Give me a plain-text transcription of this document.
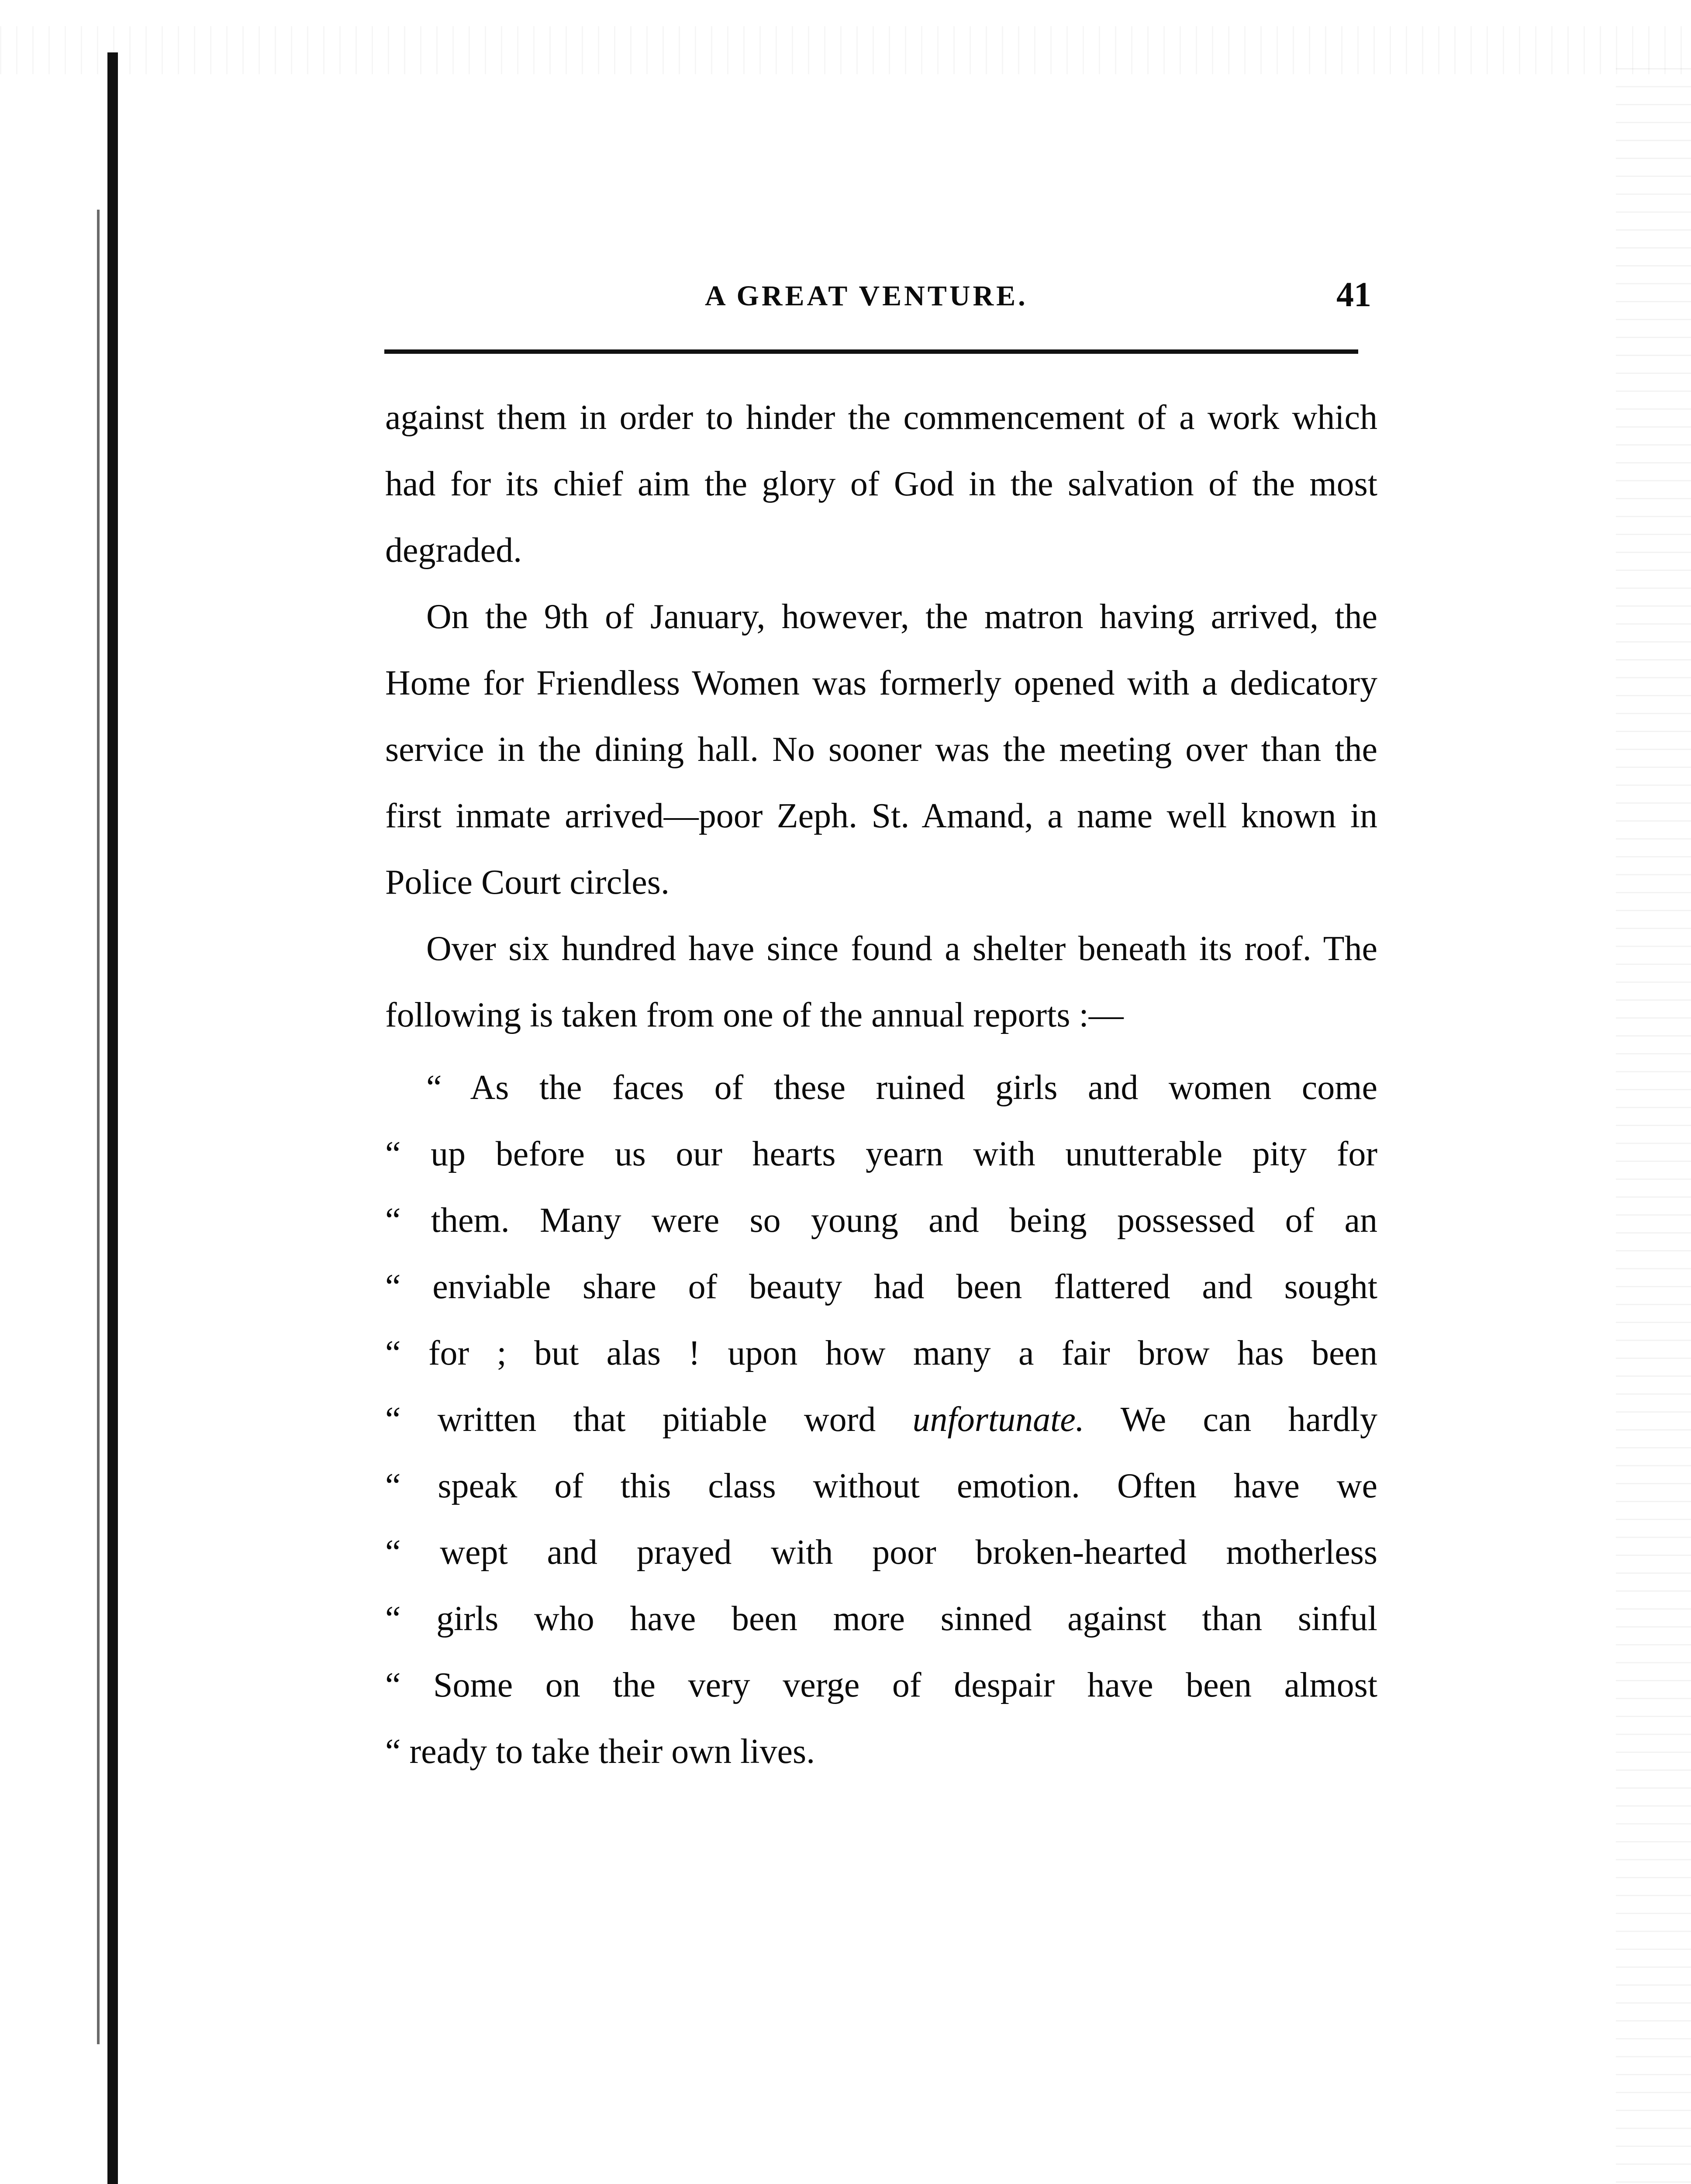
A GREAT VENTURE.	41

against them in order to hinder the commencement of a work which had for its chief aim the glory of God in the salvation of the most degraded.

On the 9th of January, however, the matron having arrived, the Home for Friendless Women was formerly opened with a dedicatory service in the dining hall. No sooner was the meeting over than the first inmate arrived—poor Zeph. St. Amand, a name well known in Police Court circles.

Over six hundred have since found a shelter beneath its roof. The following is taken from one of the annual reports :—

“ As the faces of these ruined girls and women come
“ up before us our hearts yearn with unutterable pity for
“ them. Many were so young and being possessed of an
“ enviable share of beauty had been flattered and sought
“ for ; but alas ! upon how many a fair brow has been
“ written that pitiable word unfortunate. We can hardly
“ speak of this class without emotion. Often have we
“ wept and prayed with poor broken-hearted motherless
“ girls who have been more sinned against than sinful
“ Some on the very verge of despair have been almost
“ ready to take their own lives.
